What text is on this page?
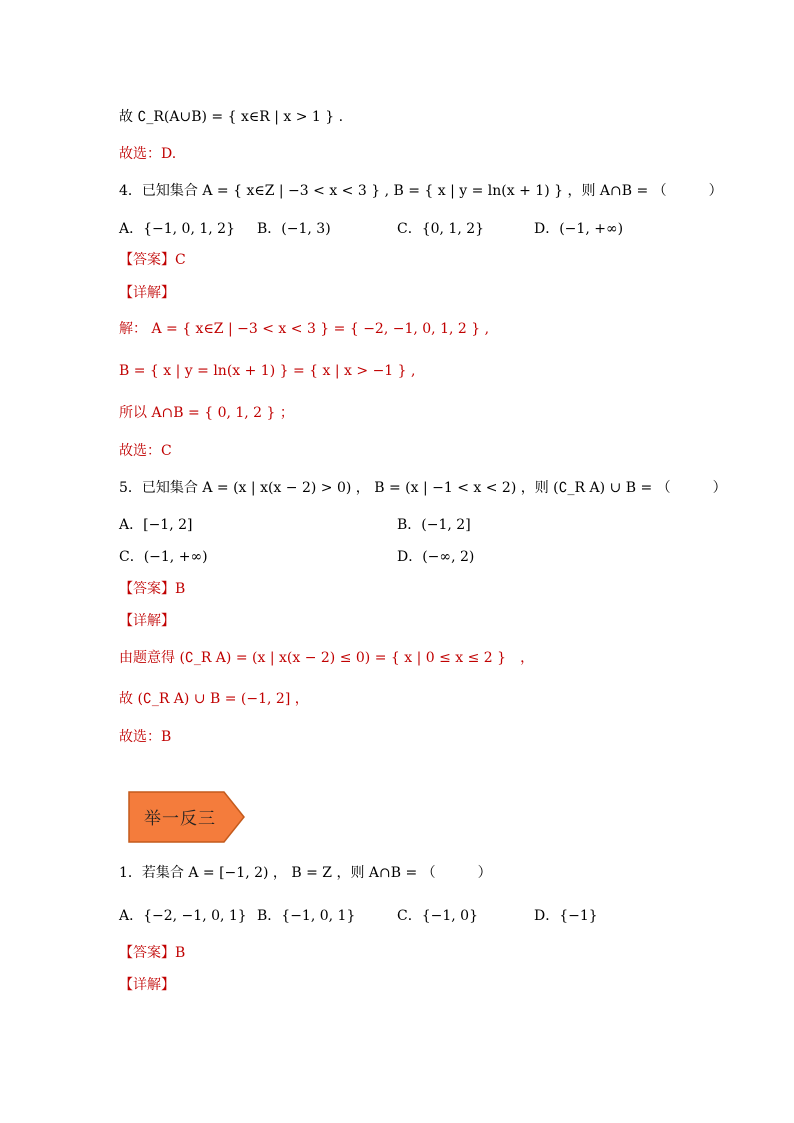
故 ∁_R(A∪B) = { x∈R | x > 1 } .
故选：D.
4．已知集合 A = { x∈Z | −3 < x < 3 } , B = { x | y = ln(x + 1) } ，则 A∩B = （　　　）
A．{−1, 0, 1, 2} B．(−1, 3)	C．{0, 1, 2}	D．(−1, +∞)
【答案】C
【详解】
解： A = { x∈Z | −3 < x < 3 } = { −2, −1, 0, 1, 2 } ,
B = { x | y = ln(x + 1) } = { x | x > −1 } ,
所以 A∩B = { 0, 1, 2 } ；
故选：C
5．已知集合 A = (x | x(x − 2) > 0) ， B = (x | −1 < x < 2) ，则 (∁_R A) ∪ B = （　　　）
A．[−1, 2]	B．(−1, 2]
C．(−1, +∞)	D．(−∞, 2)
【答案】B
【详解】
由题意得 (∁_R A) = (x | x(x − 2) ≤ 0) = { x | 0 ≤ x ≤ 2 }　，
故 (∁_R A) ∪ B = (−1, 2] ，
故选：B
举一反三
1．若集合 A = [−1, 2) ， B = Z ，则 A∩B = （　　　）
A．{−2, −1, 0, 1} B．{−1, 0, 1}	C．{−1, 0}	D．{−1}
【答案】B
【详解】
